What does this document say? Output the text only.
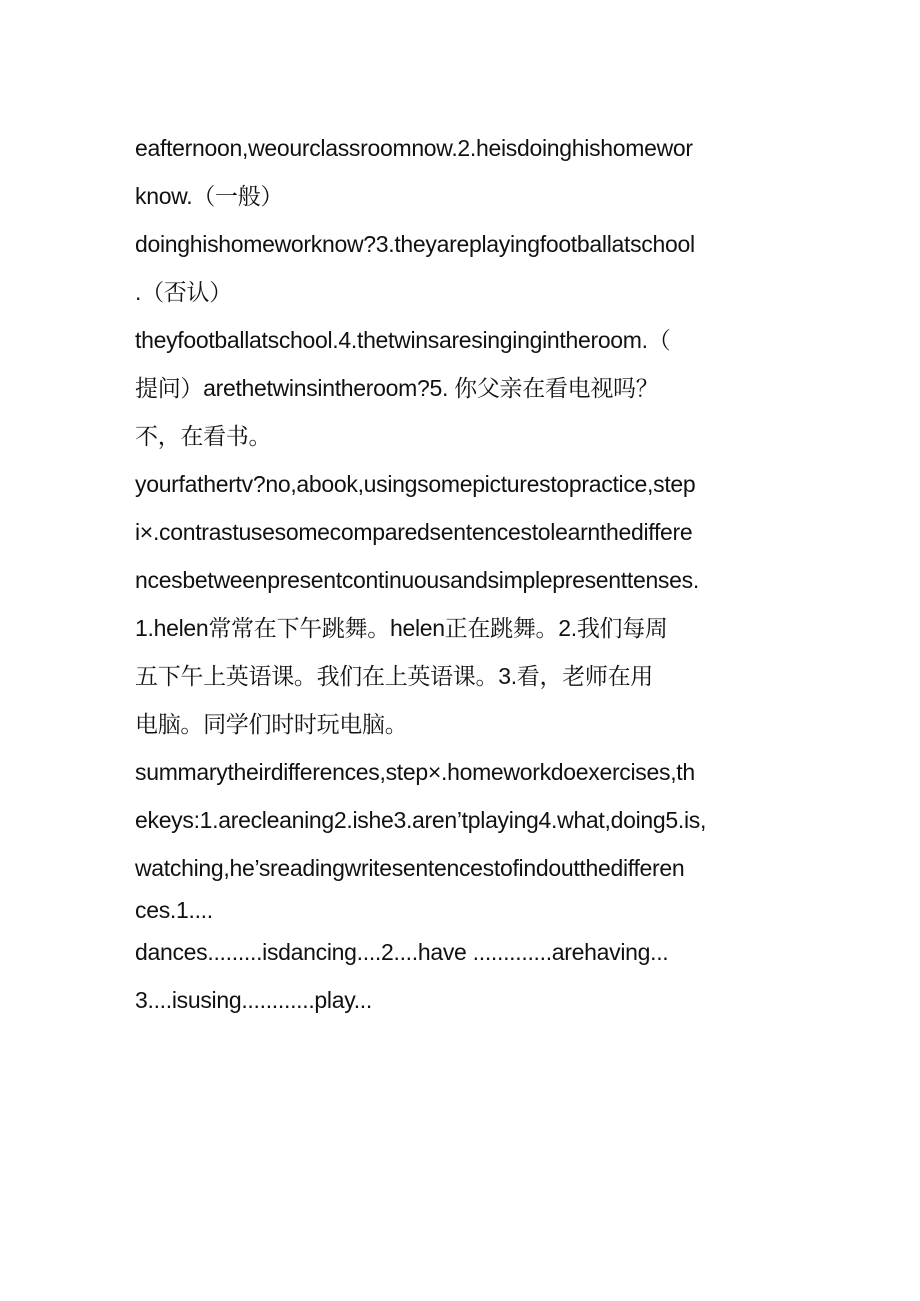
eafternoon,weourclassroomnow.2.heisdoinghishomewor
know.（一般）
doinghishomeworknow?3.theyareplayingfootballatschool
.（否认）
theyfootballatschool.4.thetwinsaresingingintheroom.（
提问）arethetwinsintheroom?5. 你父亲在看电视吗？
不，在看书。
yourfathertv?no,abook,usingsomepicturestopractice,step
i×.contrastusesomecomparedsentencestolearnthediffere
ncesbetweenpresentcontinuousandsimplepresenttenses.
1.helen常常在下午跳舞。helen正在跳舞。2.我们每周
五下午上英语课。我们在上英语课。3.看，老师在用
电脑。同学们时时玩电脑。
summarytheirdifferences,step×.homeworkdoexercises,th
ekeys:1.arecleaning2.ishe3.aren’tplaying4.what,doing5.is,
watching,he’sreadingwritesentencestofindoutthedifferen
ces.1....
dances.........isdancing....2....have .............arehaving...
3....isusing............play...
